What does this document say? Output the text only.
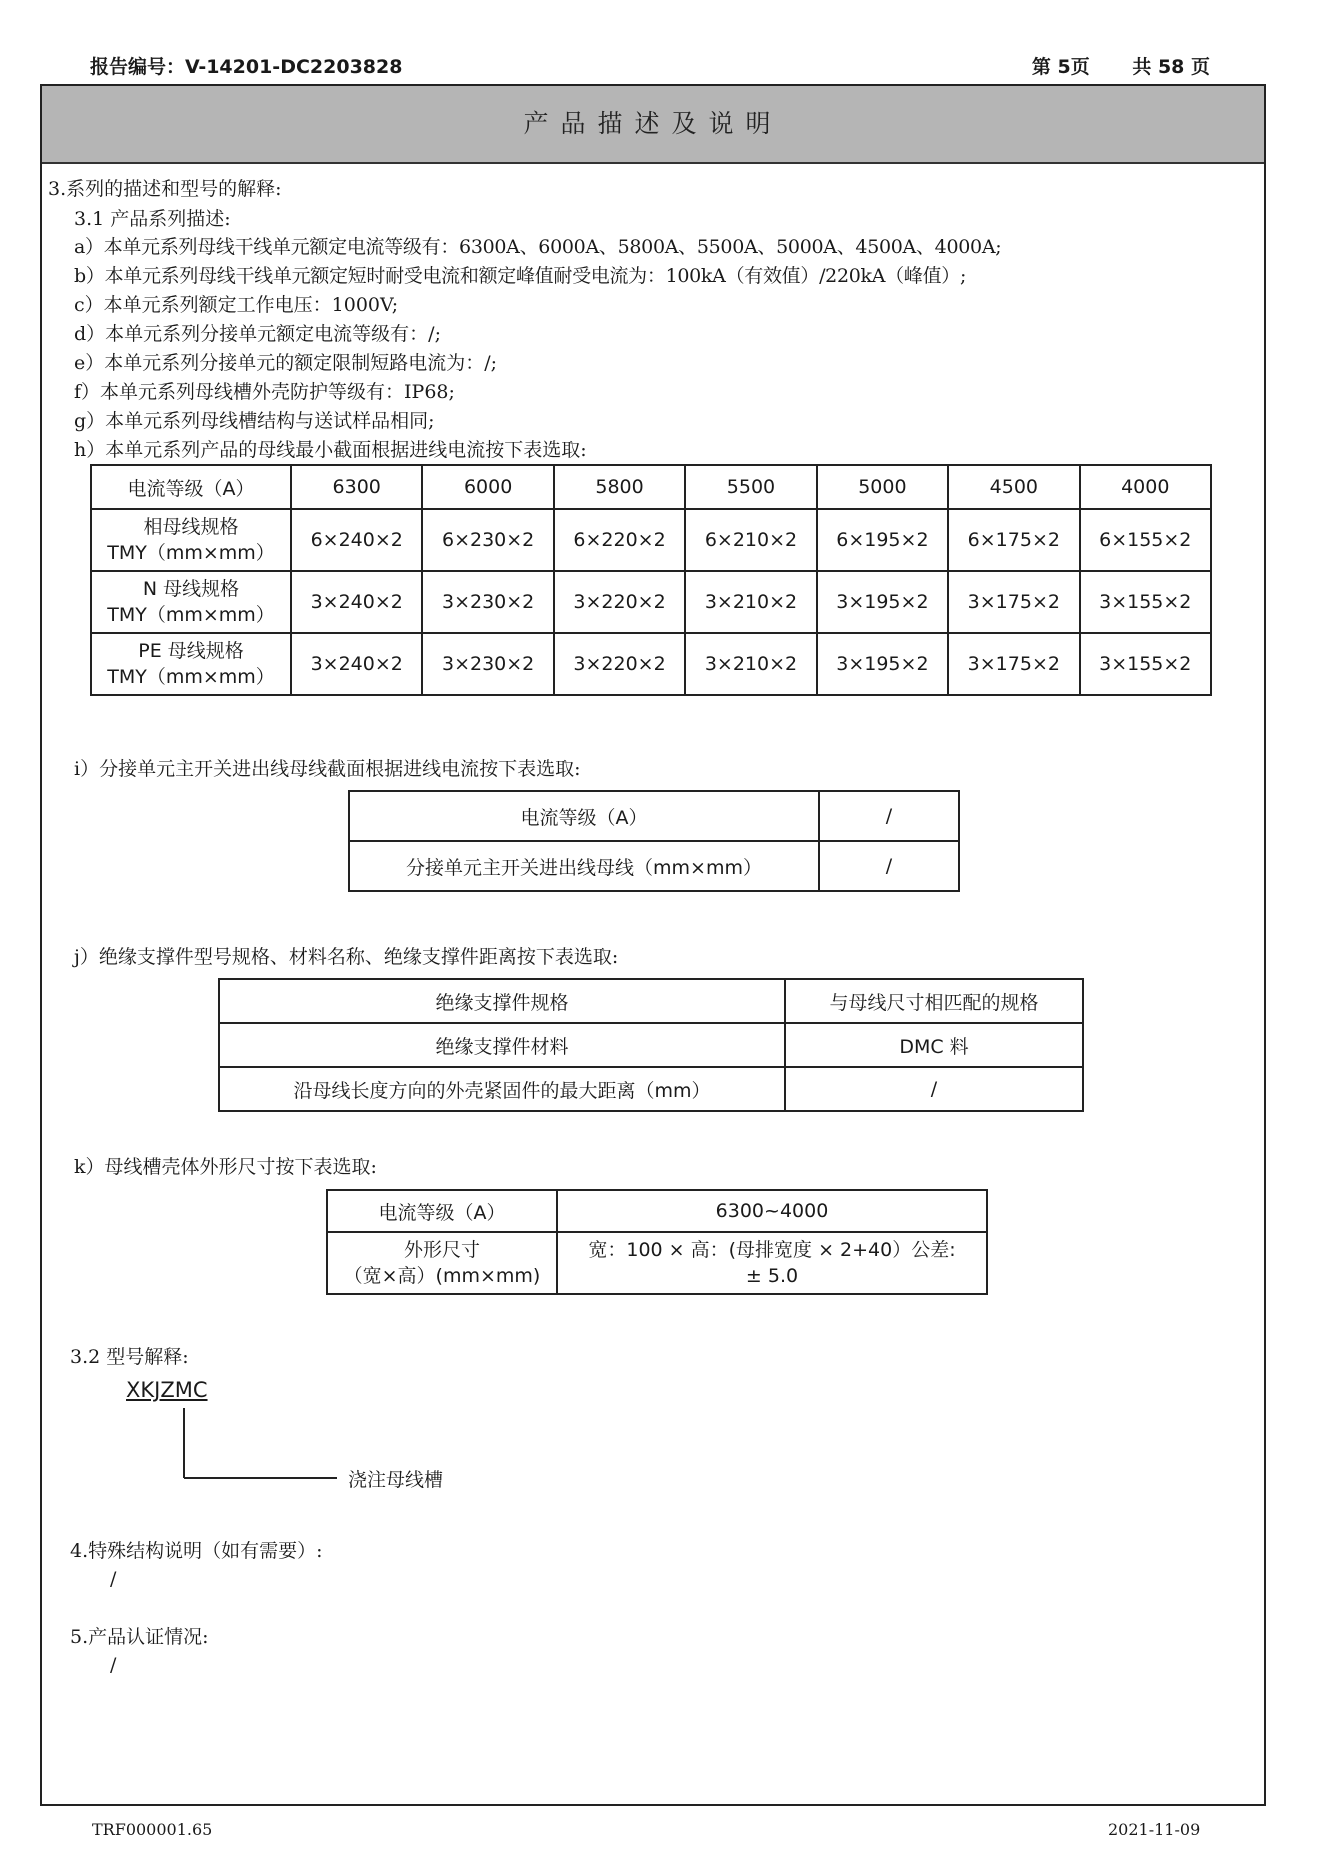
报告编号：V-14201-DC2203828	第 5页 共 58 页
产品描述及说明
3.系列的描述和型号的解释:
3.1 产品系列描述:
a）本单元系列母线干线单元额定电流等级有：6300A、6000A、5800A、5500A、5000A、4500A、4000A;
b）本单元系列母线干线单元额定短时耐受电流和额定峰值耐受电流为：100kA（有效值）/220kA（峰值）;
c）本单元系列额定工作电压：1000V;
d）本单元系列分接单元额定电流等级有：/;
e）本单元系列分接单元的额定限制短路电流为：/;
f）本单元系列母线槽外壳防护等级有：IP68;
g）本单元系列母线槽结构与送试样品相同;
h）本单元系列产品的母线最小截面根据进线电流按下表选取:
电流等级（A）	6300	6000	5800	5500	5000	4500	4000
相母线规格
TMY（mm×mm）	6×240×2	6×230×2	6×220×2	6×210×2	6×195×2	6×175×2	6×155×2
N 母线规格
TMY（mm×mm）	3×240×2	3×230×2	3×220×2	3×210×2	3×195×2	3×175×2	3×155×2
PE 母线规格
TMY（mm×mm）	3×240×2	3×230×2	3×220×2	3×210×2	3×195×2	3×175×2	3×155×2
i）分接单元主开关进出线母线截面根据进线电流按下表选取:
电流等级（A）	/
分接单元主开关进出线母线（mm×mm）	/
j）绝缘支撑件型号规格、材料名称、绝缘支撑件距离按下表选取:
绝缘支撑件规格	与母线尺寸相匹配的规格
绝缘支撑件材料	DMC 料
沿母线长度方向的外壳紧固件的最大距离（mm）	/
k）母线槽壳体外形尺寸按下表选取:
电流等级（A）	6300~4000
外形尺寸
（宽×高）(mm×mm)	宽：100 × 高：(母排宽度 × 2+40）公差:
± 5.0
3.2 型号解释:
XKJZMC
浇注母线槽
4.特殊结构说明（如有需要）:
/
5.产品认证情况:
/
TRF000001.65	2021-11-09
